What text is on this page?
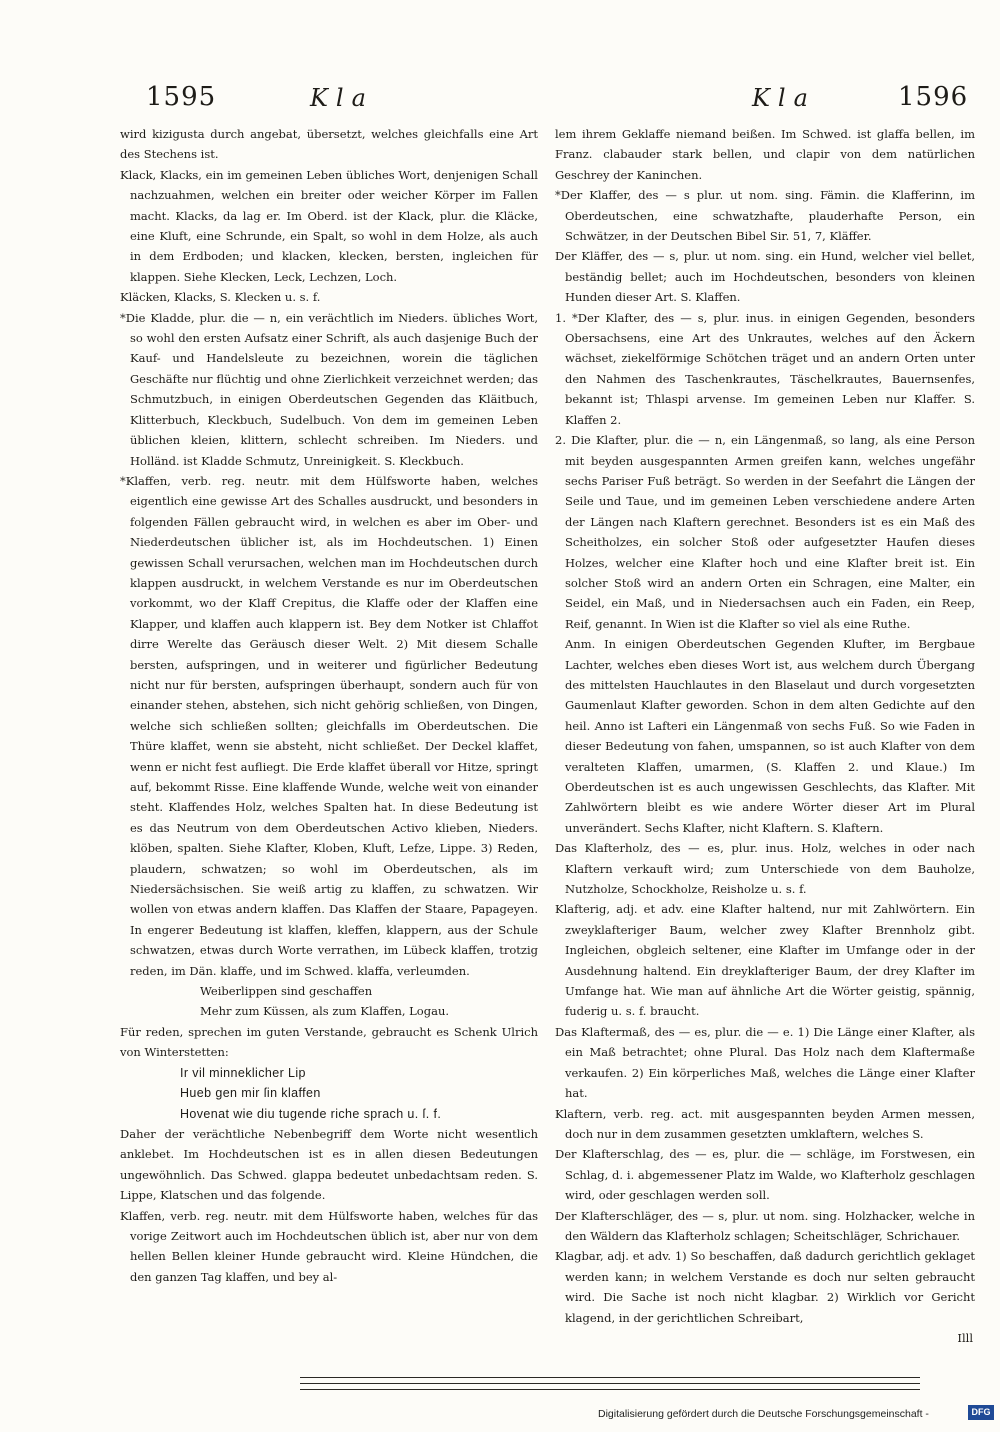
1595	Kla	Kla	1596

wird kizigusta durch angebat, übersetzt, welches gleichfalls eine Art des Stechens ist.

Klack, Klacks, ein im gemeinen Leben übliches Wort, denjenigen Schall nachzuahmen, welchen ein breiter oder weicher Körper im Fallen macht. Klacks, da lag er. Im Oberd. ist der Klack, plur. die Kläcke, eine Kluft, eine Schrunde, ein Spalt, so wohl in dem Holze, als auch in dem Erdboden; und klacken, klecken, bersten, ingleichen für klappen. Siehe Klecken, Leck, Lechzen, Loch.

Kläcken, Klacks, S. Klecken u. s. f.

*Die Kladde, plur. die — n, ein verächtlich im Nieders. übliches Wort, so wohl den ersten Aufsatz einer Schrift, als auch dasjenige Buch der Kauf- und Handelsleute zu bezeichnen, worein die täglichen Geschäfte nur flüchtig und ohne Zierlichkeit verzeichnet werden; das Schmutzbuch, in einigen Oberdeutschen Gegenden das Kläitbuch, Klitterbuch, Kleckbuch, Sudelbuch. Von dem im gemeinen Leben üblichen kleien, klittern, schlecht schreiben. Im Nieders. und Holländ. ist Kladde Schmutz, Unreinigkeit. S. Kleckbuch.

*Klaffen, verb. reg. neutr. mit dem Hülfsworte haben, welches eigentlich eine gewisse Art des Schalles ausdruckt, und besonders in folgenden Fällen gebraucht wird, in welchen es aber im Ober- und Niederdeutschen üblicher ist, als im Hochdeutschen. 1) Einen gewissen Schall verursachen, welchen man im Hochdeutschen durch klappen ausdruckt, in welchem Verstande es nur im Oberdeutschen vorkommt, wo der Klaff Crepitus, die Klaffe oder der Klaffen eine Klapper, und klaffen auch klappern ist. Bey dem Notker ist Chlaffot dirre Werelte das Geräusch dieser Welt. 2) Mit diesem Schalle bersten, aufspringen, und in weiterer und figürlicher Bedeutung nicht nur für bersten, aufspringen überhaupt, sondern auch für von einander stehen, abstehen, sich nicht gehörig schließen, von Dingen, welche sich schließen sollten; gleichfalls im Oberdeutschen. Die Thüre klaffet, wenn sie absteht, nicht schließet. Der Deckel klaffet, wenn er nicht fest aufliegt. Die Erde klaffet überall vor Hitze, springt auf, bekommt Risse. Eine klaffende Wunde, welche weit von einander steht. Klaffendes Holz, welches Spalten hat. In diese Bedeutung ist es das Neutrum von dem Oberdeutschen Activo klieben, Nieders. klöben, spalten. Siehe Klafter, Kloben, Kluft, Lefze, Lippe. 3) Reden, plaudern, schwatzen; so wohl im Oberdeutschen, als im Niedersächsischen. Sie weiß artig zu klaffen, zu schwatzen. Wir wollen von etwas andern klaffen. Das Klaffen der Staare, Papageyen. In engerer Bedeutung ist klaffen, kleffen, klappern, aus der Schule schwatzen, etwas durch Worte verrathen, im Lübeck klaffen, trotzig reden, im Dän. klaffe, und im Schwed. klaffa, verleumden.

Weiberlippen sind geschaffen

Mehr zum Küssen, als zum Klaffen, Logau.

Für reden, sprechen im guten Verstande, gebraucht es Schenk Ulrich von Winterstetten:

Ir vil minneklicher Lip

Hueb gen mir ſin klaffen

Hovenat wie diu tugende riche sprach u. ſ. f.

Daher der verächtliche Nebenbegriff dem Worte nicht wesentlich anklebet. Im Hochdeutschen ist es in allen diesen Bedeutungen ungewöhnlich. Das Schwed. glappa bedeutet unbedachtsam reden. S. Lippe, Klatschen und das folgende.

Klaffen, verb. reg. neutr. mit dem Hülfsworte haben, welches für das vorige Zeitwort auch im Hochdeutschen üblich ist, aber nur von dem hellen Bellen kleiner Hunde gebraucht wird. Kleine Hündchen, die den ganzen Tag klaffen, und bey al-

lem ihrem Geklaffe niemand beißen. Im Schwed. ist glaffa bellen, im Franz. clabauder stark bellen, und clapir von dem natürlichen Geschrey der Kaninchen.

*Der Klaffer, des — s plur. ut nom. sing. Fämin. die Klafferinn, im Oberdeutschen, eine schwatzhafte, plauderhafte Person, ein Schwätzer, in der Deutschen Bibel Sir. 51, 7, Kläffer.

Der Kläffer, des — s, plur. ut nom. sing. ein Hund, welcher viel bellet, beständig bellet; auch im Hochdeutschen, besonders von kleinen Hunden dieser Art. S. Klaffen.

1. *Der Klafter, des — s, plur. inus. in einigen Gegenden, besonders Obersachsens, eine Art des Unkrautes, welches auf den Äckern wächset, ziekelförmige Schötchen träget und an andern Orten unter den Nahmen des Taschenkrautes, Täschelkrautes, Bauernsenfes, bekannt ist; Thlaspi arvense. Im gemeinen Leben nur Klaffer. S. Klaffen 2.

2. Die Klafter, plur. die — n, ein Längenmaß, so lang, als eine Person mit beyden ausgespannten Armen greifen kann, welches ungefähr sechs Pariser Fuß beträgt. So werden in der Seefahrt die Längen der Seile und Taue, und im gemeinen Leben verschiedene andere Arten der Längen nach Klaftern gerechnet. Besonders ist es ein Maß des Scheitholzes, ein solcher Stoß oder aufgesetzter Haufen dieses Holzes, welcher eine Klafter hoch und eine Klafter breit ist. Ein solcher Stoß wird an andern Orten ein Schragen, eine Malter, ein Seidel, ein Maß, und in Niedersachsen auch ein Faden, ein Reep, Reif, genannt. In Wien ist die Klafter so viel als eine Ruthe.

Anm. In einigen Oberdeutschen Gegenden Klufter, im Bergbaue Lachter, welches eben dieses Wort ist, aus welchem durch Übergang des mittelsten Hauchlautes in den Blaselaut und durch vorgesetzten Gaumenlaut Klafter geworden. Schon in dem alten Gedichte auf den heil. Anno ist Lafteri ein Längenmaß von sechs Fuß. So wie Faden in dieser Bedeutung von fahen, umspannen, so ist auch Klafter von dem veralteten Klaffen, umarmen, (S. Klaffen 2. und Klaue.) Im Oberdeutschen ist es auch ungewissen Geschlechts, das Klafter. Mit Zahlwörtern bleibt es wie andere Wörter dieser Art im Plural unverändert. Sechs Klafter, nicht Klaftern. S. Klaftern.

Das Klafterholz, des — es, plur. inus. Holz, welches in oder nach Klaftern verkauft wird; zum Unterschiede von dem Bauholze, Nutzholze, Schockholze, Reisholze u. s. f.

Klafterig, adj. et adv. eine Klafter haltend, nur mit Zahlwörtern. Ein zweyklafteriger Baum, welcher zwey Klafter Brennholz gibt. Ingleichen, obgleich seltener, eine Klafter im Umfange oder in der Ausdehnung haltend. Ein dreyklafteriger Baum, der drey Klafter im Umfange hat. Wie man auf ähnliche Art die Wörter geistig, spännig, fuderig u. s. f. braucht.

Das Klaftermaß, des — es, plur. die — e. 1) Die Länge einer Klafter, als ein Maß betrachtet; ohne Plural. Das Holz nach dem Klaftermaße verkaufen. 2) Ein körperliches Maß, welches die Länge einer Klafter hat.

Klaftern, verb. reg. act. mit ausgespannten beyden Armen messen, doch nur in dem zusammen gesetzten umklaftern, welches S.

Der Klafterschlag, des — es, plur. die — schläge, im Forstwesen, ein Schlag, d. i. abgemessener Platz im Walde, wo Klafterholz geschlagen wird, oder geschlagen werden soll.

Der Klafterschläger, des — s, plur. ut nom. sing. Holzhacker, welche in den Wäldern das Klafterholz schlagen; Scheitschläger, Schrichauer.

Klagbar, adj. et adv. 1) So beschaffen, daß dadurch gerichtlich geklaget werden kann; in welchem Verstande es doch nur selten gebraucht wird. Die Sache ist noch nicht klagbar. 2) Wirklich vor Gericht klagend, in der gerichtlichen Schreibart,

Illl

Digitalisierung gefördert durch die Deutsche Forschungsgemeinschaft -	DFG
